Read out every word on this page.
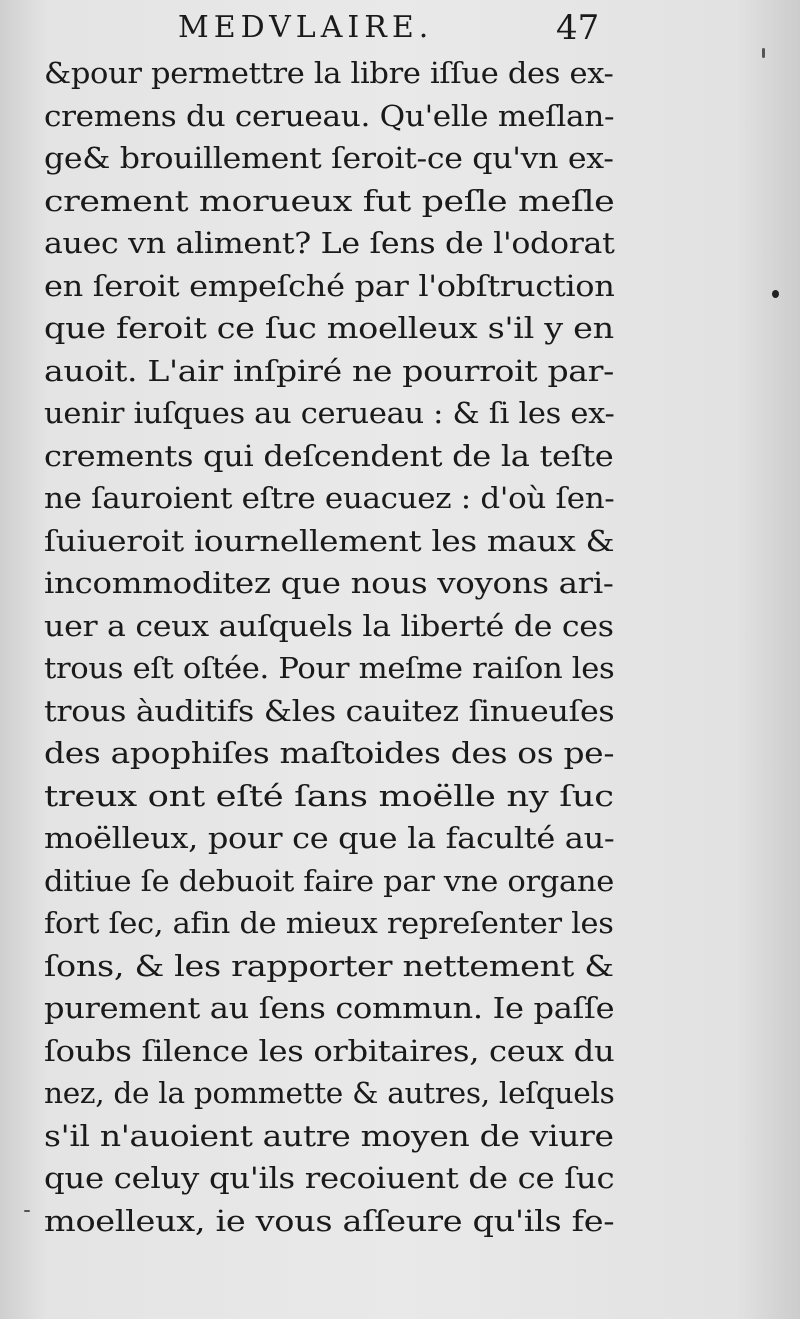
MEDVLAIRE.	47
&pour permettre la libre iſſue des ex-
cremens du cerueau. Qu'elle meſlan-
ge& brouillement ſeroit-ce qu'vn ex-
crement morueux fut peſle meſle
auec vn aliment? Le ſens de l'odorat
en ſeroit empeſché par l'obſtruction
que feroit ce ſuc moelleux s'il y en
auoit. L'air inſpiré ne pourroit par-
uenir iuſques au cerueau : & ſi les ex-
crements qui deſcendent de la teſte
ne ſauroient eſtre euacuez : d'où ſen-
ſuiueroit iournellement les maux &
incommoditez que nous voyons ari-
uer a ceux auſquels la liberté de ces
trous eſt oſtée. Pour meſme raiſon les
trous àuditifs &les cauitez ſinueuſes
des apophiſes maſtoides des os pe-
treux ont eſté ſans moëlle ny ſuc
moëlleux, pour ce que la faculté au-
ditiue ſe debuoit faire par vne organe
fort ſec, afin de mieux repreſenter les
ſons, & les rapporter nettement &
purement au ſens commun. Ie paſſe
ſoubs ſilence les orbitaires, ceux du
nez, de la pommette & autres, leſquels
s'il n'auoient autre moyen de viure
que celuy qu'ils recoiuent de ce ſuc
moelleux, ie vous aſſeure qu'ils fe-
